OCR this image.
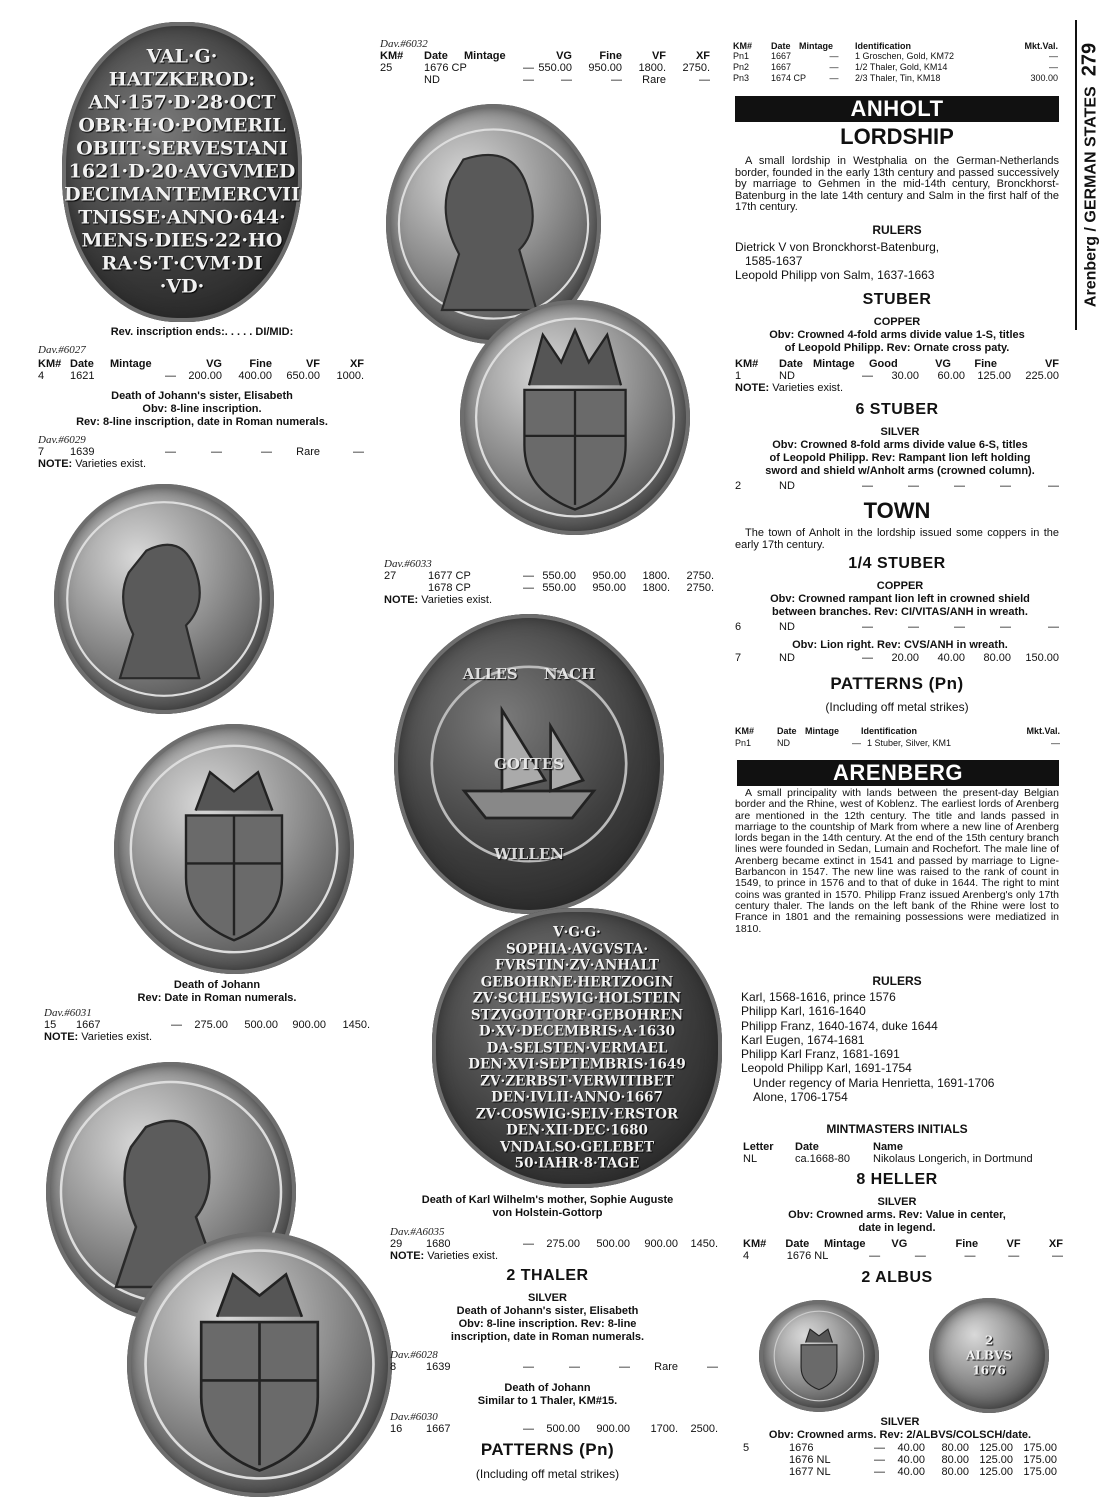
Arenberg / GERMAN STATES279
VAL·G·
HATZKEROD:
AN·157·D·28·OCT
OBR·H·O·POMERIL
OBIIT·SERVESTANI
1621·D·20·AVGVMED
DECIMANTEMERCVII
TNISSE·ANNO·644·
MENS·DIES·22·HO
RA·S·T·CVM·DI
·VD·
Rev. inscription ends:. . . . . DI/MID:
Dav.#6027
KM# Date	Mintage	VG	Fine	VF	XF
4	1621	—	200.00	400.00	650.00	1000.
Death of Johann's sister, Elisabeth
Obv: 8-line inscription.
Rev: 8-line inscription, date in Roman numerals.
Dav.#6029
7	1639	—	—	—	Rare	—
NOTE: Varieties exist.
Death of Johann
Rev: Date in Roman numerals.
Dav.#6031
15	1667	—	275.00	500.00	900.00	1450.
NOTE: Varieties exist.
Dav.#6032
KM#	Date	Mintage	VG	Fine	VF	XF
25	1676 CP	— 550.00	950.00	1800.	2750.
ND	—	—	—	Rare	—
Dav.#6033
27	1677 CP	— 550.00	950.00	1800.	2750.
1678 CP	— 550.00	950.00	1800.	2750.
NOTE: Varieties exist.
ALLES     NACH
GOTTES
WILLEN
V·G·G·
SOPHIA·AVGVSTA·
FVRSTIN·ZV·ANHALT
GEBOHRNE·HERTZOGIN
ZV·SCHLESWIG·HOLSTEIN
STZVGOTTORF·GEBOHREN
D·XV·DECEMBRIS·A·1630
DA·SELSTEN·VERMAEL
DEN·XVI·SEPTEMBRIS·1649
ZV·ZERBST·VERWITIBET
DEN·IVLII·ANNO·1667
ZV·COSWIG·SELV·ERSTOR
DEN·XII·DEC·1680
VNDALSO·GELEBET
50·IAHR·8·TAGE
Death of Karl Wilhelm's mother, Sophie Auguste
von Holstein-Gottorp
Dav.#A6035
29	1680	—	275.00	500.00	900.00	1450.
NOTE: Varieties exist.
2 THALER
SILVER
Death of Johann's sister, Elisabeth
Obv: 8-line inscription. Rev: 8-line
inscription, date in Roman numerals.
Dav.#6028
8	1639	—	—	—	Rare	—
Death of Johann
Similar to 1 Thaler, KM#15.
Dav.#6030
16	1667	—	500.00	900.00	1700.	2500.
PATTERNS (Pn)
(Including off metal strikes)
KM#	Date Mintage	Identification	Mkt.Val.
Pn1	1667	—	1 Groschen, Gold, KM72	—
Pn2	1667	—	1/2 Thaler, Gold, KM14	—
Pn3	1674 CP	—	2/3 Thaler, Tin, KM18	300.00
ANHOLT
LORDSHIP
A small lordship in Westphalia on the German-Netherlands border, founded in the early 13th century and passed successively by marriage to Gehmen in the mid-14th century, Bronckhorst-Batenburg in the late 14th century and Salm in the first half of the 17th century.
RULERS
Dietrick V von Bronckhorst-Batenburg,
1585-1637
Leopold Philipp von Salm, 1637-1663
STUBER
COPPER
Obv: Crowned 4-fold arms divide value 1-S, titles
of Leopold Philipp. Rev: Ornate cross paty.
KM#	Date Mintage	Good	VG	Fine	VF
1	ND	—	30.00	60.00	125.00	225.00
NOTE: Varieties exist.
6 STUBER
SILVER
Obv: Crowned 8-fold arms divide value 6-S, titles
of Leopold Philipp. Rev: Rampant lion left holding
sword and shield w/Anholt arms (crowned column).
2	ND	—	—	—	—	—
TOWN
The town of Anholt in the lordship issued some coppers in the early 17th century.
1/4 STUBER
COPPER
Obv: Crowned rampant lion left in crowned shield
between branches. Rev: CI/VITAS/ANH in wreath.
6	ND	—	—	—	—	—
Obv: Lion right. Rev: CVS/ANH in wreath.
7	ND	—	20.00	40.00	80.00	150.00
PATTERNS (Pn)
(Including off metal strikes)
KM#	Date Mintage	Identification	Mkt.Val.
Pn1	ND	— 1 Stuber, Silver, KM1	—
ARENBERG
A small principality with lands between the present-day Belgian border and the Rhine, west of Koblenz. The earliest lords of Arenberg are mentioned in the 12th century. The title and lands passed in marriage to the countship of Mark from where a new line of Arenberg lords began in the 14th century. At the end of the 15th century branch lines were founded in Sedan, Lumain and Rochefort. The male line of Arenberg became extinct in 1541 and passed by marriage to Ligne-Barbancon in 1547. The new line was raised to the rank of count in 1549, to prince in 1576 and to that of duke in 1644. The right to mint coins was granted in 1570. Philipp Franz issued Arenberg's only 17th century thaler. The lands on the left bank of the Rhine were lost to France in 1801 and the remaining possessions were mediatized in 1810.
RULERS
Karl, 1568-1616, prince 1576
Philipp Karl, 1616-1640
Philipp Franz, 1640-1674, duke 1644
Karl Eugen, 1674-1681
Philipp Karl Franz, 1681-1691
Leopold Philipp Karl, 1691-1754
Under regency of Maria Henrietta, 1691-1706
Alone, 1706-1754
MINTMASTERS INITIALS
Letter	Date	Name
NL	ca.1668-80	Nikolaus Longerich, in Dortmund
8 HELLER
SILVER
Obv: Crowned arms. Rev: Value in center,
date in legend.
KM#	Date	Mintage	VG	Fine	VF	XF
4	1676 NL	—	—	—	—	—
2 ALBUS
2
ALBVS
1676
SILVER
Obv: Crowned arms. Rev: 2/ALBVS/COLSCH/date.
5	1676	—	40.00	80.00 125.00 175.00
1676 NL	—	40.00	80.00 125.00 175.00
1677 NL	—	40.00	80.00 125.00 175.00
